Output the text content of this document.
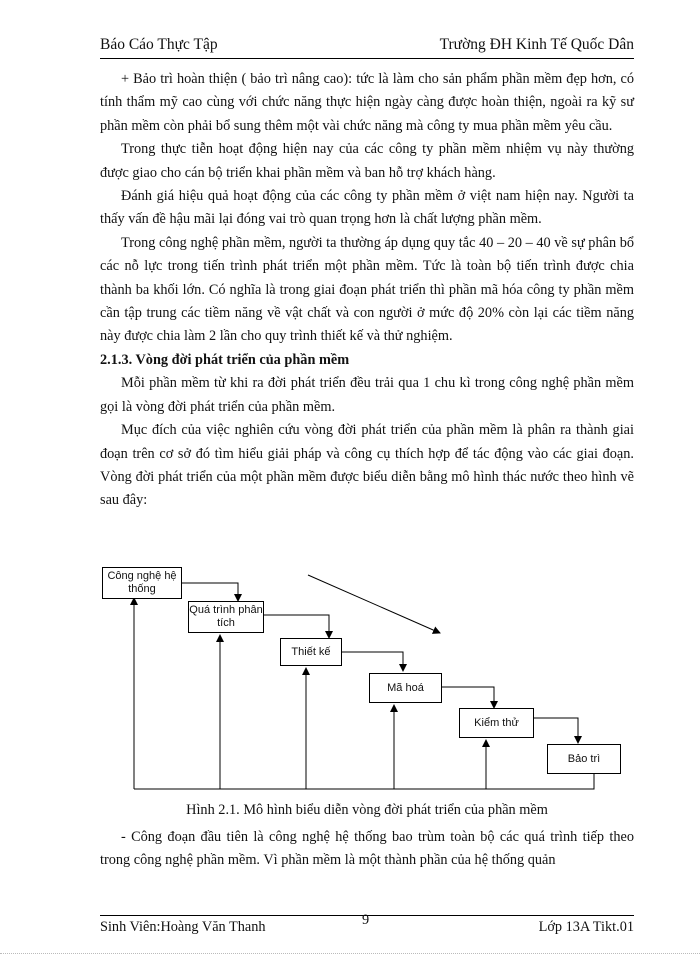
Báo Cáo Thực Tập	Trường ĐH Kinh Tế Quốc Dân

+ Bảo trì hoàn thiện ( bảo trì nâng cao): tức là làm cho sản phẩm phần mềm đẹp hơn, có tính thẩm mỹ cao cùng với chức năng thực hiện ngày càng được hoàn thiện, ngoài ra kỹ sư phần mềm còn phải bổ sung thêm một vài chức năng mà công ty mua phần mềm yêu cầu.

Trong thực tiễn hoạt động hiện nay của các công ty phần mềm nhiệm vụ này thường được giao cho cán bộ triển khai phần mềm và ban hỗ trợ khách hàng.

Đánh giá hiệu quả hoạt động của các công ty phần mềm ở việt nam hiện nay. Người ta thấy vấn đề hậu mãi lại đóng vai trò quan trọng hơn là chất lượng phần mềm.

Trong công nghệ phần mềm, người ta thường áp dụng quy tắc 40 – 20 – 40 về sự phân bổ các nỗ lực trong tiến trình phát triển một phần mềm. Tức là toàn bộ tiến trình được chia thành ba khối lớn. Có nghĩa là trong giai đoạn phát triển thì phần mã hóa công ty phần mềm cần tập trung các tiềm năng về vật chất và con người ở mức độ 20% còn lại các tiềm năng này được chia làm 2 lần cho quy trình thiết kế và thử nghiệm.

2.1.3. Vòng đời phát triển của phần mềm

Mỗi phần mềm từ khi ra đời phát triển đều trải qua 1 chu kì trong công nghệ phần mềm gọi là vòng đời phát triển của phần mềm.

Mục đích của việc nghiên cứu vòng đời phát triển của phần mềm là phân ra thành giai đoạn trên cơ sở đó tìm hiểu giải pháp và công cụ thích hợp để tác động vào các giai đoạn. Vòng đời phát triển của một phần mềm được biểu diễn bằng mô hình thác nước theo hình vẽ sau đây:

Công nghệ hệ thống
Quá trình phân tích
Thiết kế
Mã hoá
Kiểm thử
Bảo trì
Hình 2.1. Mô hình biểu diễn vòng đời phát triển của phần mềm

- Công đoạn đầu tiên là công nghệ hệ thống bao trùm toàn bộ các quá trình tiếp theo trong công nghệ phần mềm. Vì phần mềm là một thành phần của hệ thống quản

Sinh Viên:Hoàng Văn Thanh	9	Lớp 13A Tikt.01
